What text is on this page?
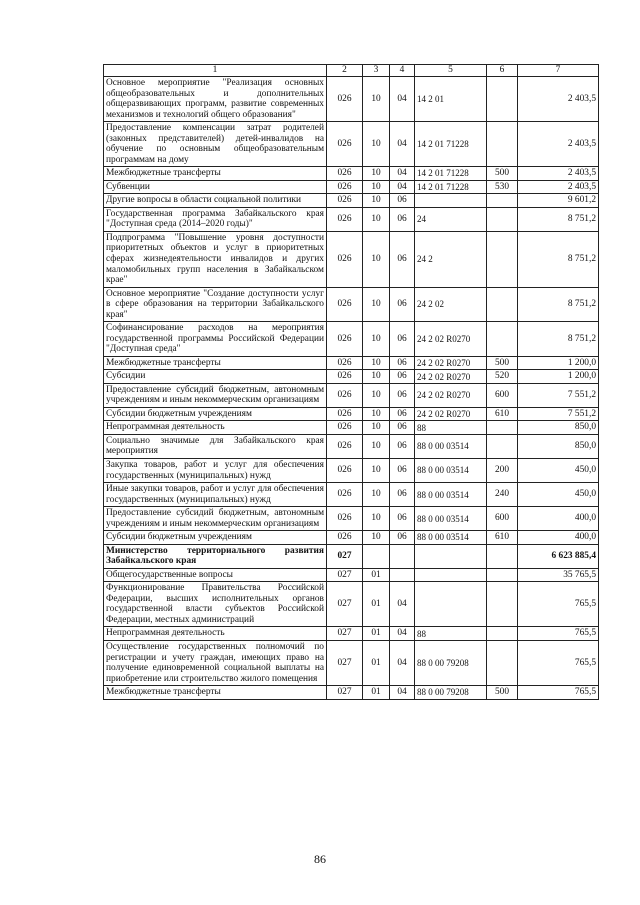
1	2	3	4	5	6	7
Основное мероприятие "Реализация основных общеобразовательных и дополнительных общеразвивающих программ, развитие современных механизмов и технологий общего образования"	026	10	04	14 2 01		2 403,5
Предоставление компенсации затрат родителей (законных представителей) детей-инвалидов на обучение по основным общеобразовательным программам на дому	026	10	04	14 2 01 71228		2 403,5
Межбюджетные трансферты	026	10	04	14 2 01 71228	500	2 403,5
Субвенции	026	10	04	14 2 01 71228	530	2 403,5
Другие вопросы в области социальной политики	026	10	06			9 601,2
Государственная программа Забайкальского края "Доступная среда (2014–2020 годы)"	026	10	06	24		8 751,2
Подпрограмма "Повышение уровня доступности приоритетных объектов и услуг в приоритетных сферах жизнедеятельности инвалидов и других маломобильных групп населения в Забайкальском крае"	026	10	06	24 2		8 751,2
Основное мероприятие "Создание доступности услуг в сфере образования на территории Забайкальского края"	026	10	06	24 2 02		8 751,2
Софинансирование расходов на мероприятия государственной программы Российской Федерации "Доступная среда"	026	10	06	24 2 02 R0270		8 751,2
Межбюджетные трансферты	026	10	06	24 2 02 R0270	500	1 200,0
Субсидии	026	10	06	24 2 02 R0270	520	1 200,0
Предоставление субсидий бюджетным, автономным учреждениям и иным некоммерческим организациям	026	10	06	24 2 02 R0270	600	7 551,2
Субсидии бюджетным учреждениям	026	10	06	24 2 02 R0270	610	7 551,2
Непрограммная деятельность	026	10	06	88		850,0
Социально значимые для Забайкальского края мероприятия	026	10	06	88 0 00 03514		850,0
Закупка товаров, работ и услуг для обеспечения государственных (муниципальных) нужд	026	10	06	88 0 00 03514	200	450,0
Иные закупки товаров, работ и услуг для обеспечения государственных (муниципальных) нужд	026	10	06	88 0 00 03514	240	450,0
Предоставление субсидий бюджетным, автономным учреждениям и иным некоммерческим организациям	026	10	06	88 0 00 03514	600	400,0
Субсидии бюджетным учреждениям	026	10	06	88 0 00 03514	610	400,0
Министерство территориального развития Забайкальского края	027					6 623 885,4
Общегосударственные вопросы	027	01				35 765,5
Функционирование Правительства Российской Федерации, высших исполнительных органов государственной власти субъектов Российской Федерации, местных администраций	027	01	04			765,5
Непрограммная деятельность	027	01	04	88		765,5
Осуществление государственных полномочий по регистрации и учету граждан, имеющих право на получение единовременной социальной выплаты на приобретение или строительство жилого помещения	027	01	04	88 0 00 79208		765,5
Межбюджетные трансферты	027	01	04	88 0 00 79208	500	765,5
86
